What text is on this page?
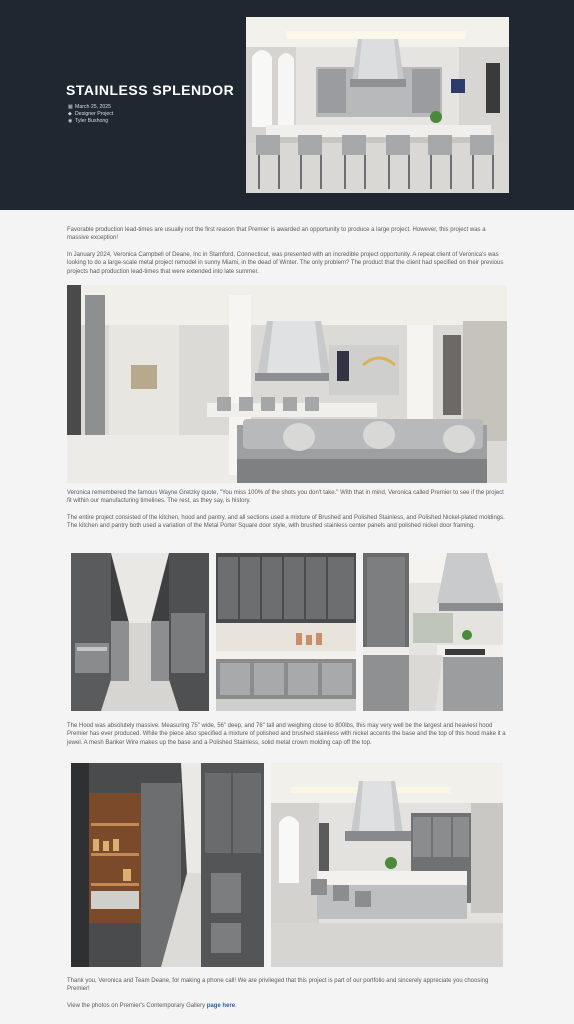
STAINLESS SPLENDOR
▦ March 25, 2025
◆ Designer Project
◉ Tyler Bushong

Favorable production lead-times are usually not the first reason that Premier is awarded an opportunity to produce a large project. However, this project was a massive exception!

In January 2024, Veronica Campbell of Deane, Inc in Stamford, Connecticut, was presented with an incredible project opportunity. A repeat client of Veronica's was looking to do a large-scale metal project remodel in sunny Miami, in the dead of Winter. The only problem? The product that the client had specified on their previous projects had production lead-times that were extended into late summer.

Veronica remembered the famous Wayne Gretzky quote, "You miss 100% of the shots you don't take." With that in mind, Veronica called Premier to see if the project fit within our manufacturing timelines. The rest, as they say, is history.

The entire project consisted of the kitchen, hood and pantry, and all sections used a mixture of Brushed and Polished Stainless, and Polished Nickel-plated moldings. The kitchen and pantry both used a variation of the Metal Porter Square door style, with brushed stainless center panels and polished nickel door framing.

The Hood was absolutely massive. Measuring 75" wide, 56" deep, and 76" tall and weighing close to 800lbs, this may very well be the largest and heaviest hood Premier has ever produced. While the piece also specified a mixture of polished and brushed stainless with nickel accents the base and the top of this hood make it a jewel. A mesh Banker Wire makes up the base and a Polished Stainless, solid metal crown molding cap off the top.

Thank you, Veronica and Team Deane, for making a phone call! We are privileged that this project is part of our portfolio and sincerely appreciate you choosing Premier!

View the photos on Premier's Contemporary Gallery page here.
